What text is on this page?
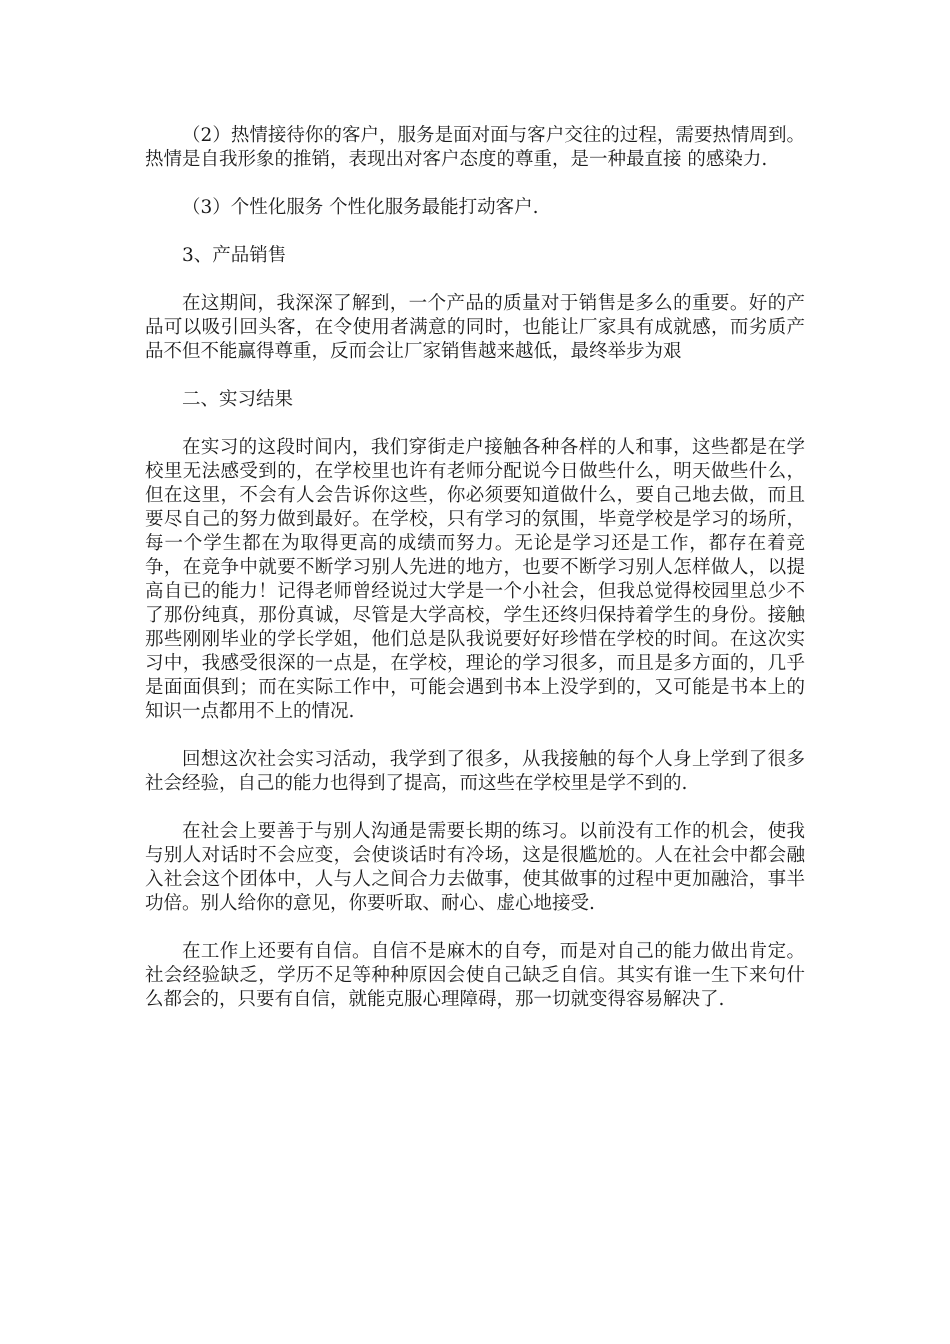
（2）热情接待你的客户，服务是面对面与客户交往的过程，需要热情周到。热情是自我形象的推销，表现出对客户态度的尊重，是一种最直接 的感染力.

（3）个性化服务 个性化服务最能打动客户.

3、产品销售

在这期间，我深深了解到，一个产品的质量对于销售是多么的重要。好的产品可以吸引回头客，在令使用者满意的同时，也能让厂家具有成就感，而劣质产品不但不能赢得尊重，反而会让厂家销售越来越低，最终举步为艰

二、实习结果

在实习的这段时间内，我们穿街走户接触各种各样的人和事，这些都是在学校里无法感受到的，在学校里也许有老师分配说今日做些什么，明天做些什么，但在这里，不会有人会告诉你这些，你必须要知道做什么，要自己地去做，而且要尽自己的努力做到最好。在学校，只有学习的氛围，毕竟学校是学习的场所，每一个学生都在为取得更高的成绩而努力。无论是学习还是工作，都存在着竞争，在竞争中就要不断学习别人先进的地方，也要不断学习别人怎样做人，以提高自已的能力！记得老师曾经说过大学是一个小社会，但我总觉得校园里总少不了那份纯真，那份真诚，尽管是大学高校，学生还终归保持着学生的身份。接触那些刚刚毕业的学长学姐，他们总是队我说要好好珍惜在学校的时间。在这次实习中，我感受很深的一点是，在学校，理论的学习很多，而且是多方面的，几乎是面面俱到；而在实际工作中，可能会遇到书本上没学到的，又可能是书本上的知识一点都用不上的情况.

回想这次社会实习活动，我学到了很多，从我接触的每个人身上学到了很多社会经验，自己的能力也得到了提高，而这些在学校里是学不到的.

在社会上要善于与别人沟通是需要长期的练习。以前没有工作的机会，使我与别人对话时不会应变，会使谈话时有冷场，这是很尴尬的。人在社会中都会融入社会这个团体中，人与人之间合力去做事，使其做事的过程中更加融洽，事半功倍。别人给你的意见，你要听取、耐心、虚心地接受.

在工作上还要有自信。自信不是麻木的自夸，而是对自己的能力做出肯定。社会经验缺乏，学历不足等种种原因会使自己缺乏自信。其实有谁一生下来句什么都会的，只要有自信，就能克服心理障碍，那一切就变得容易解决了.
